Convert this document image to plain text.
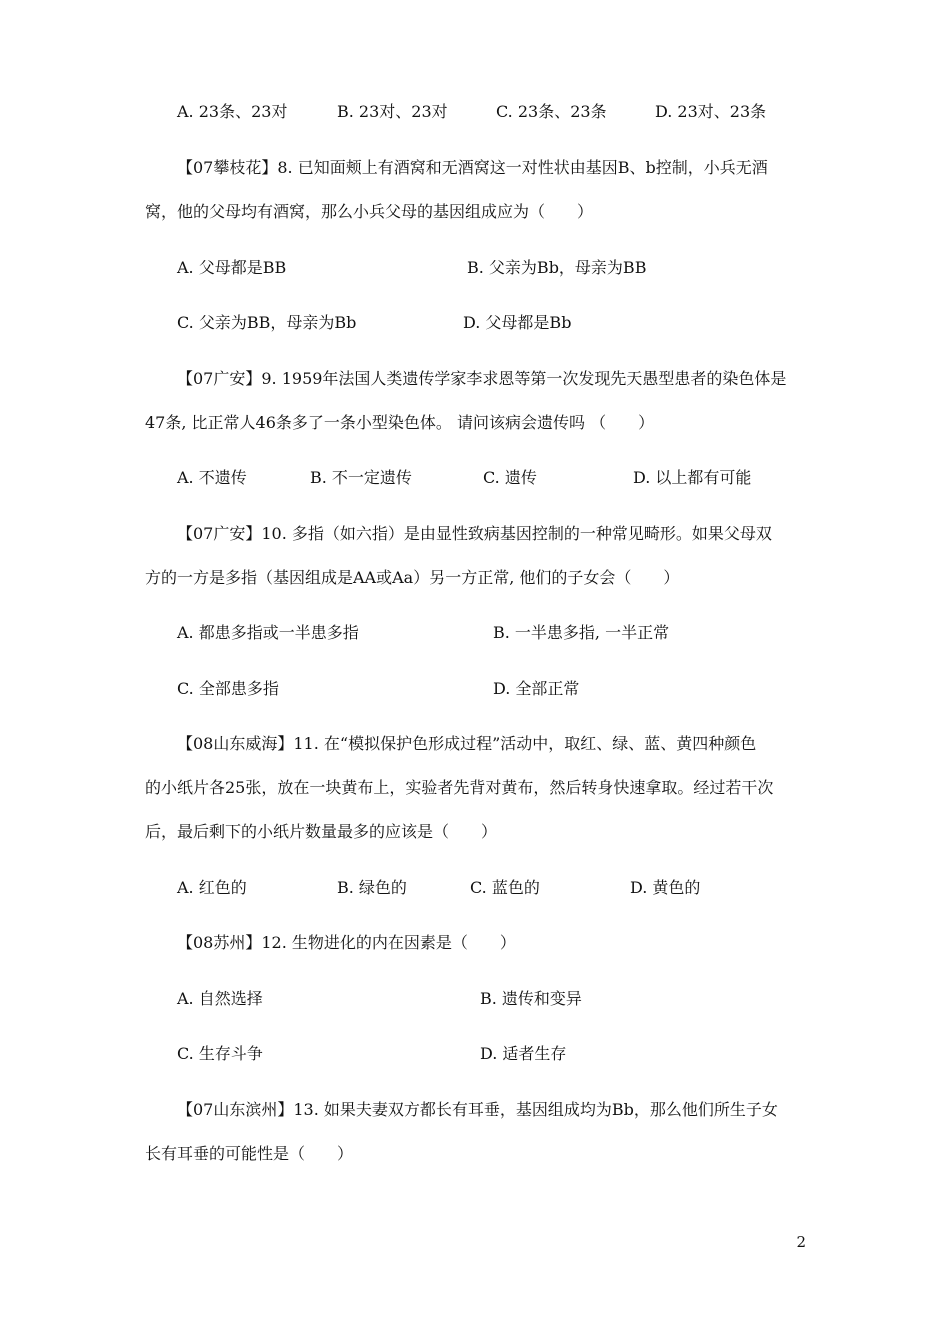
A. 23条、23对	B. 23对、23对	C. 23条、23条	D. 23对、23条
【07攀枝花】8. 已知面颊上有酒窝和无酒窝这一对性状由基因B、b控制，小兵无酒
窝，他的父母均有酒窝，那么小兵父母的基因组成应为（　　）
A. 父母都是BB	B. 父亲为Bb，母亲为BB
C. 父亲为BB，母亲为Bb	D. 父母都是Bb
【07广安】9. 1959年法国人类遗传学家李求恩等第一次发现先天愚型患者的染色体是
47条, 比正常人46条多了一条小型染色体。 请问该病会遗传吗 （　　）
A. 不遗传	B. 不一定遗传	C. 遗传	D. 以上都有可能
【07广安】10. 多指（如六指）是由显性致病基因控制的一种常见畸形。如果父母双
方的一方是多指（基因组成是AA或Aa）另一方正常, 他们的子女会（　　）
A. 都患多指或一半患多指	B. 一半患多指, 一半正常
C. 全部患多指	D. 全部正常
【08山东威海】11. 在“模拟保护色形成过程”活动中，取红、绿、蓝、黄四种颜色
的小纸片各25张，放在一块黄布上，实验者先背对黄布，然后转身快速拿取。经过若干次
后，最后剩下的小纸片数量最多的应该是（　　）
A. 红色的	B. 绿色的	C. 蓝色的	D. 黄色的
【08苏州】12. 生物进化的内在因素是（　　）
A. 自然选择	B. 遗传和变异
C. 生存斗争	D. 适者生存
【07山东滨州】13. 如果夫妻双方都长有耳垂，基因组成均为Bb，那么他们所生子女
长有耳垂的可能性是（　　）
2
